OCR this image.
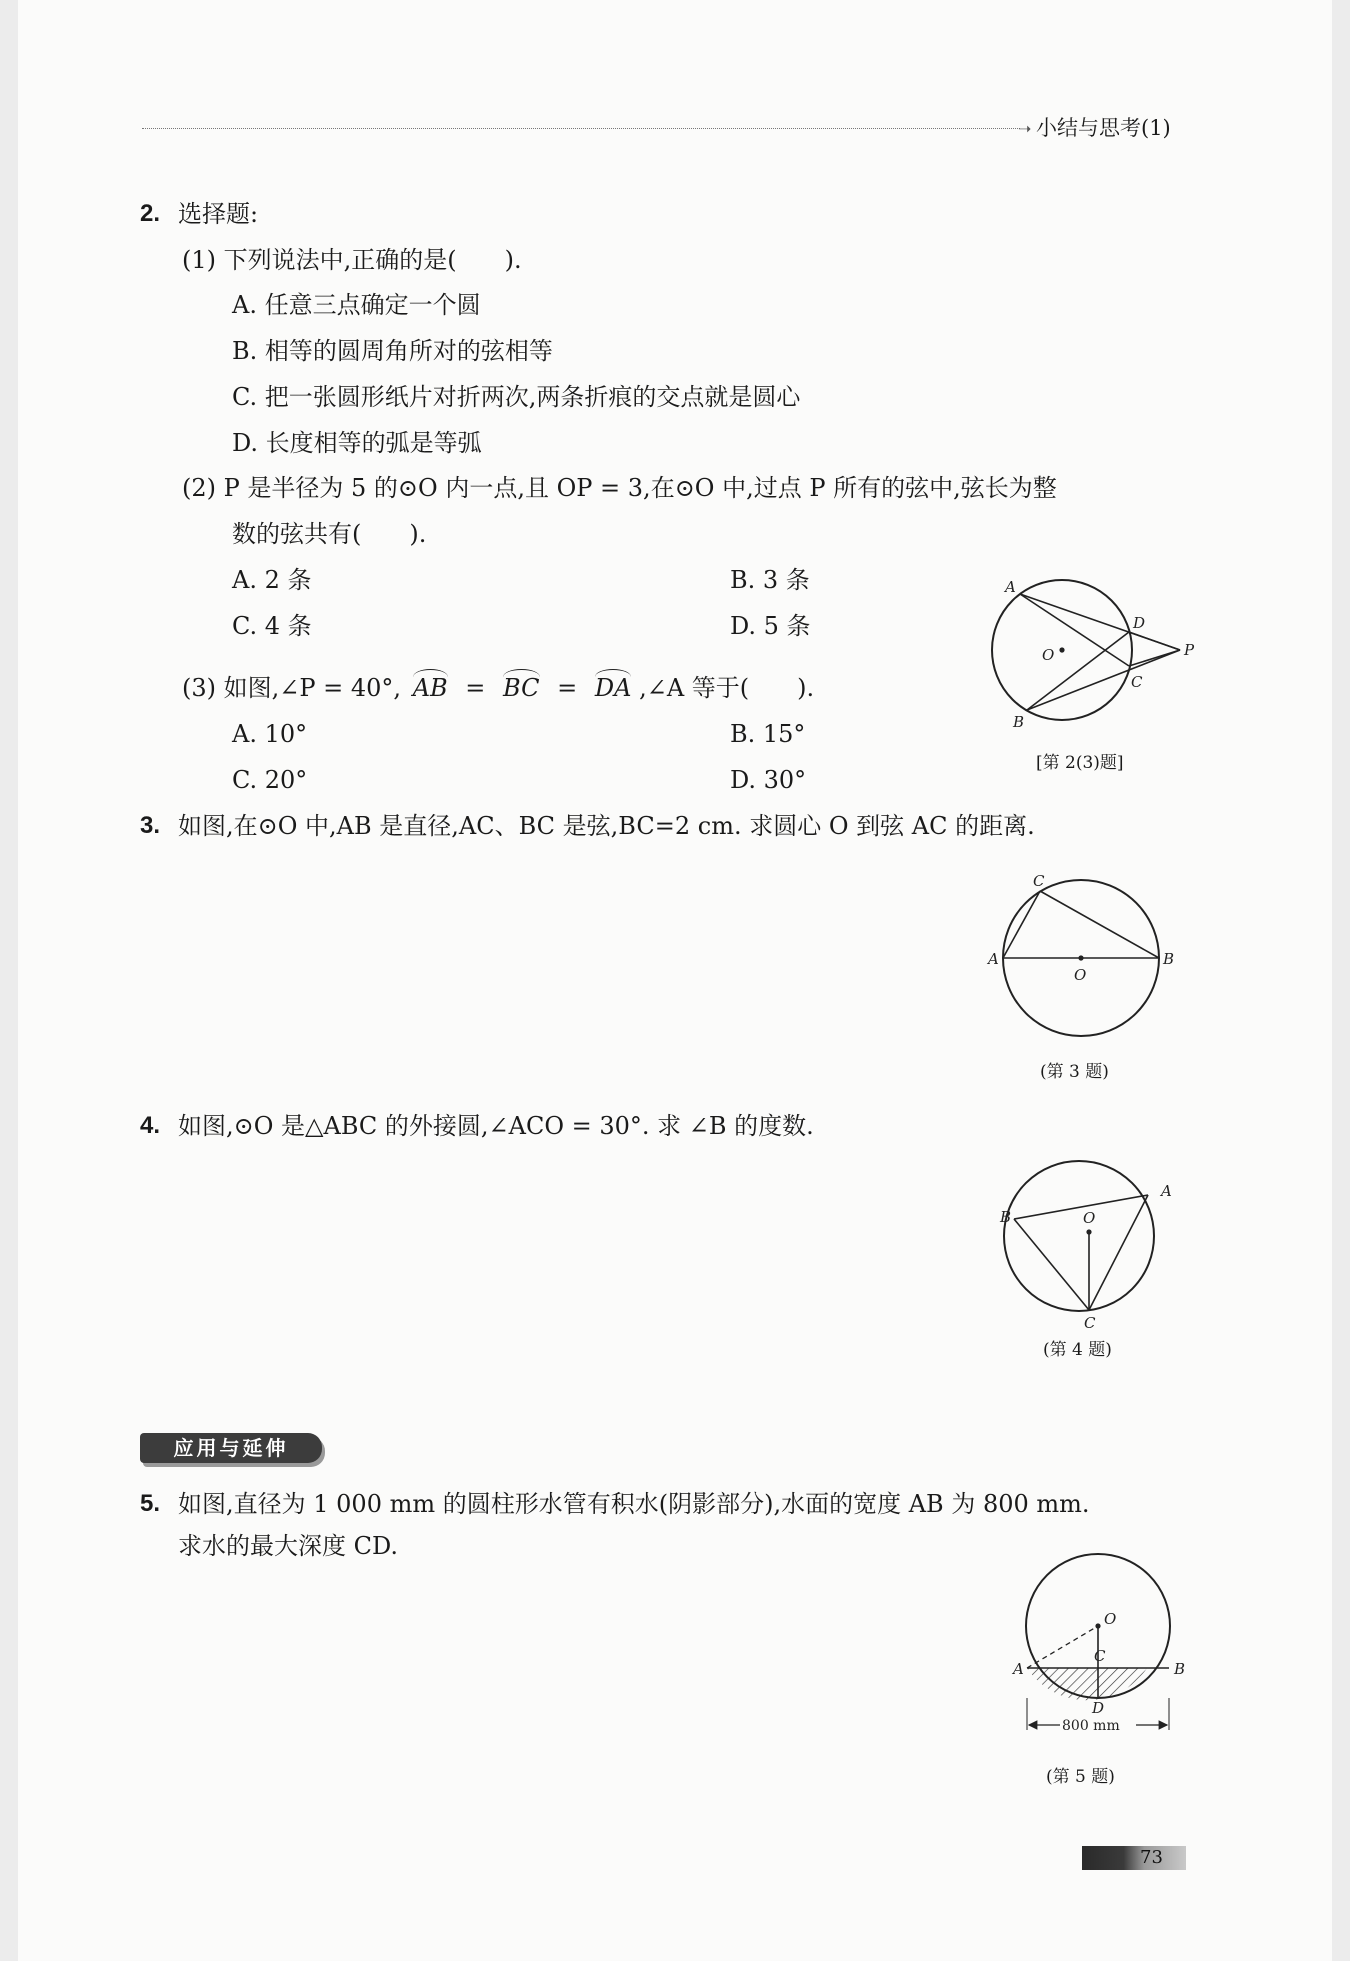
➝ 小结与思考(1)
2. 选择题:
(1) 下列说法中,正确的是(　　).
A. 任意三点确定一个圆
B. 相等的圆周角所对的弦相等
C. 把一张圆形纸片对折两次,两条折痕的交点就是圆心
D. 长度相等的弧是等弧
(2) P 是半径为 5 的⊙O 内一点,且 OP = 3,在⊙O 中,过点 P 所有的弦中,弦长为整
数的弦共有(　　).
A. 2 条	B. 3 条
C. 4 条	D. 5 条
(3) 如图,∠P = 40°, AB = BC = DA ,∠A 等于(　　).
A. 10°	B. 15°
C. 20°	D. 30°
A
B
C
D
O	P
[第 2(3)题]
3. 如图,在⊙O 中,AB 是直径,AC、BC 是弦,BC=2 cm. 求圆心 O 到弦 AC 的距离.
A	B
C
O
(第 3 题)
4. 如图,⊙O 是△ABC 的外接圆,∠ACO = 30°. 求 ∠B 的度数.
B
A
C
O
(第 4 题)
应用与延伸
5. 如图,直径为 1 000 mm 的圆柱形水管有积水(阴影部分),水面的宽度 AB 为 800 mm.
求水的最大深度 CD.
800 mm
A	B
C
D
O
(第 5 题)
73
